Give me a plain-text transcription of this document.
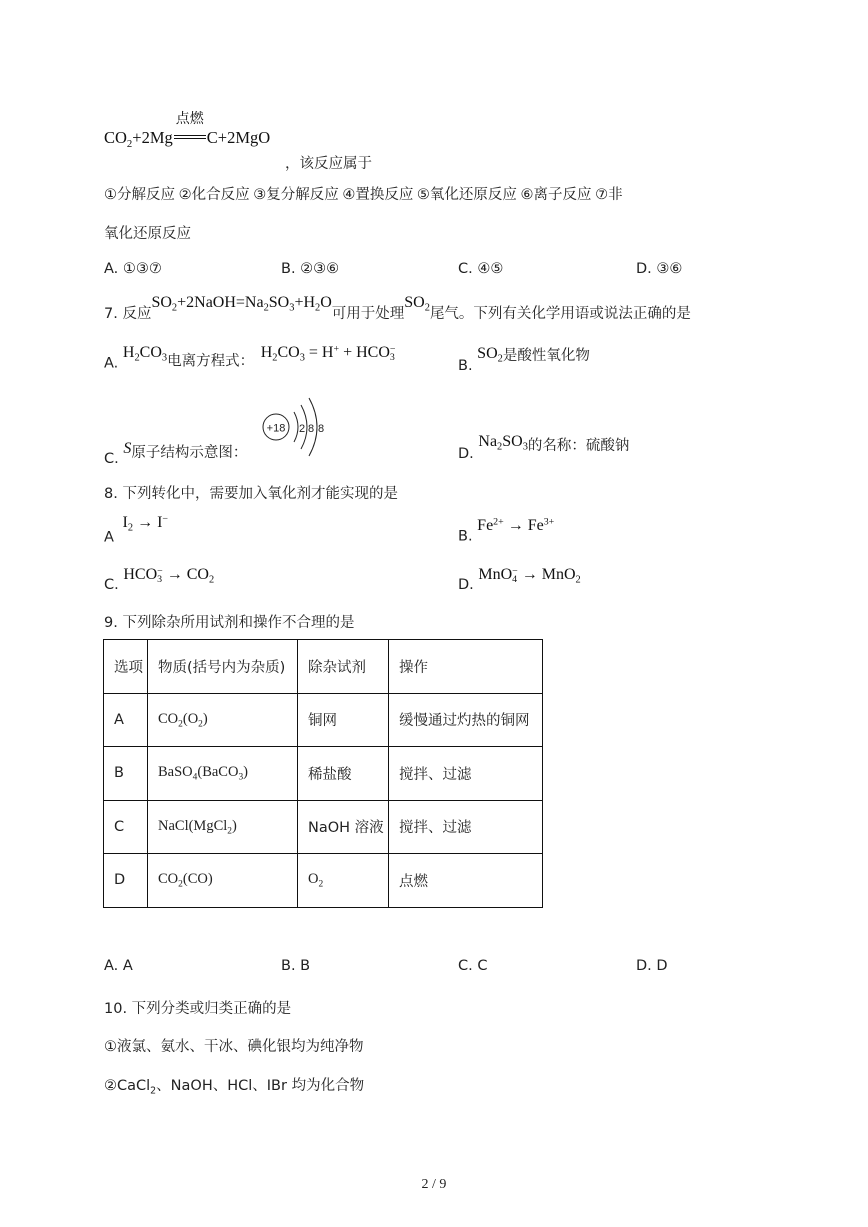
$CO_2+2Mg$
点燃
C+2MgO
，该反应属于
①分解反应 ②化合反应 ③复分解反应 ④置换反应 ⑤氧化还原反应 ⑥离子反应 ⑦非
氧化还原反应
A. ①③⑦	B. ②③⑥	C. ④⑤	D. ③⑥
7. 反应$SO_2+2NaOH=Na_2SO_3+H_2O$可用于处理$SO_2$尾气。下列有关化学用语或说法正确的是
A. $H_2CO_3$电离方程式： $H_2CO_3 = H^+$ + HCO −
3
B. $SO_2$是酸性氧化物
C. S原子结构示意图：
+18 2 8 8
D. $Na_2SO_3$的名称：硫酸钠
8. 下列转化中，需要加入氧化剂才能实现的是
A $I_2 \to I^-$
B. $Fe^{2+} \to Fe^{3+}$
C. HCO −
$3 \to CO_2$	D. MnO −
4 → MnO$_2$
9. 下列除杂所用试剂和操作不合理的是
选项	物质(括号内为杂质)	除杂试剂	操作
A	$CO_2(O_2)$	铜网	缓慢通过灼热的铜网
B	BaSO$_4$(BaCO$_3$)	稀盐酸	搅拌、过滤
C	NaCl(MgCl$_2$)	NaOH 溶液	搅拌、过滤
D	$CO_2(CO)$	$O_2$	点燃
A. A	B. B	C. C	D. D
10. 下列分类或归类正确的是
①液氯、氨水、干冰、碘化银均为纯净物
②CaCl$_2$、NaOH、HCl、IBr 均为化合物
2 / 9
